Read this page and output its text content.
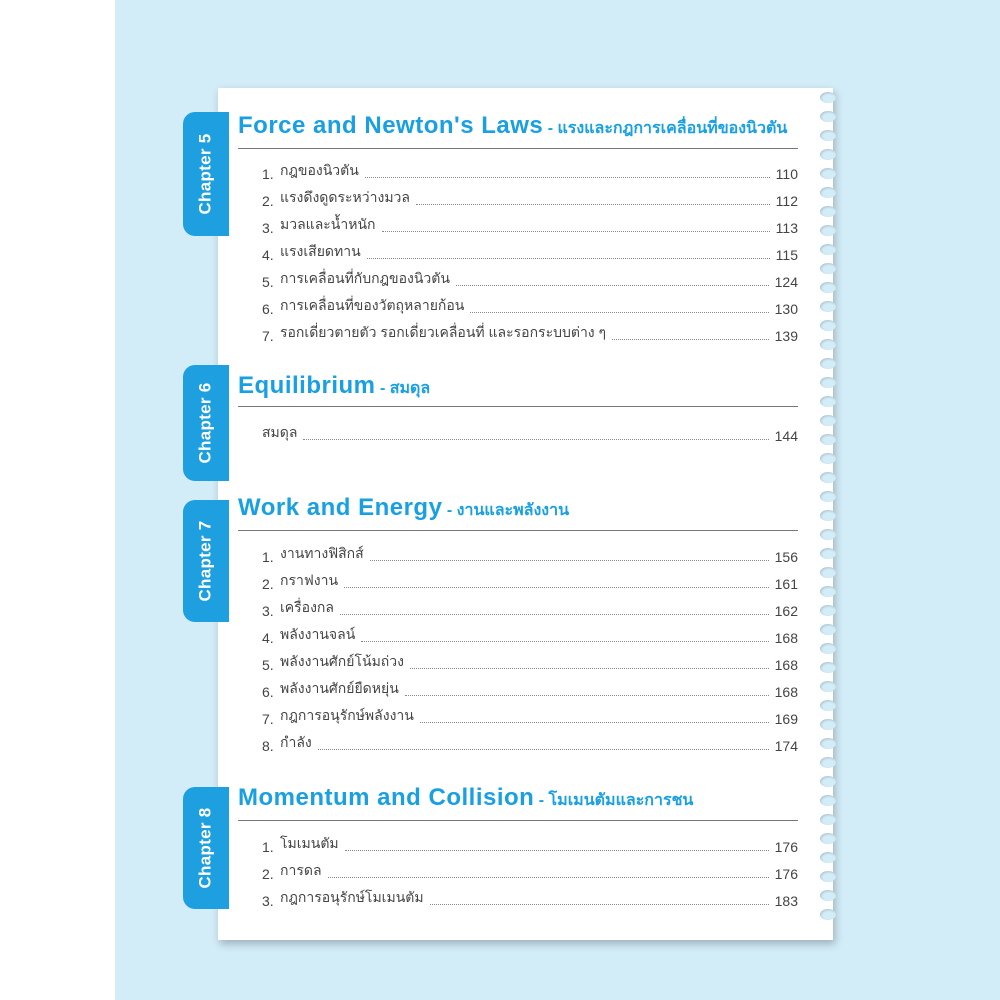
Chapter 5
Force and Newton's Laws - แรงและกฎการเคลื่อนที่ของนิวตัน
1. กฎของนิวตัน	110
2. แรงดึงดูดระหว่างมวล	112
3. มวลและน้ำหนัก	113
4. แรงเสียดทาน	115
5. การเคลื่อนที่กับกฎของนิวตัน	124
6. การเคลื่อนที่ของวัตถุหลายก้อน	130
7. รอกเดี่ยวตายตัว รอกเดี่ยวเคลื่อนที่ และรอกระบบต่าง ๆ	139
Chapter 6 Equilibrium - สมดุล
สมดุล	144
Chapter 7
Work and Energy - งานและพลังงาน
1. งานทางฟิสิกส์	156
2. กราฟงาน	161
3. เครื่องกล	162
4. พลังงานจลน์	168
5. พลังงานศักย์โน้มถ่วง	168
6. พลังงานศักย์ยืดหยุ่น	168
7. กฎการอนุรักษ์พลังงาน	169
8. กำลัง	174
Chapter 8
Momentum and Collision - โมเมนตัมและการชน
1. โมเมนตัม	176
2. การดล	176
3. กฎการอนุรักษ์โมเมนตัม	183
